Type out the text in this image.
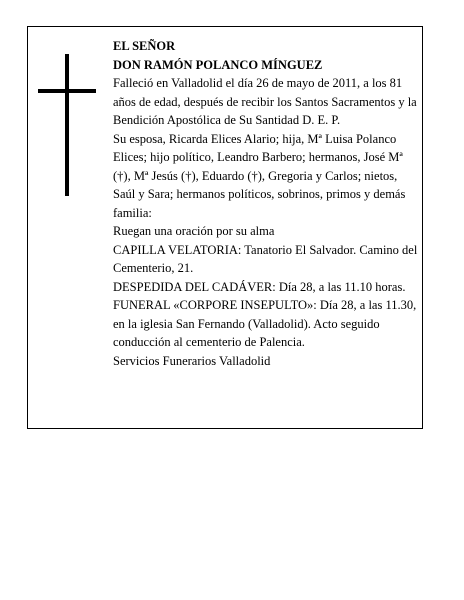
EL SEÑOR

DON RAMÓN POLANCO MÍNGUEZ

Falleció en Valladolid el día 26 de mayo de 2011, a los 81 años de edad, después de recibir los Santos Sacramentos y la Bendición Apostólica de Su Santidad D. E. P.

Su esposa, Ricarda Elices Alario; hija, Mª Luisa Polanco Elices; hijo político, Leandro Barbero; hermanos, José Mª (†), Mª Jesús (†), Eduardo (†), Gregoria y Carlos; nietos, Saúl y Sara; hermanos políticos, sobrinos, primos y demás familia:

Ruegan una oración por su alma

CAPILLA VELATORIA: Tanatorio El Salvador. Camino del Cementerio, 21.

DESPEDIDA DEL CADÁVER: Día 28, a las 11.10 horas.

FUNERAL «CORPORE INSEPULTO»: Día 28, a las 11.30, en la iglesia San Fernando (Valladolid). Acto seguido conducción al cementerio de Palencia.

Servicios Funerarios Valladolid
